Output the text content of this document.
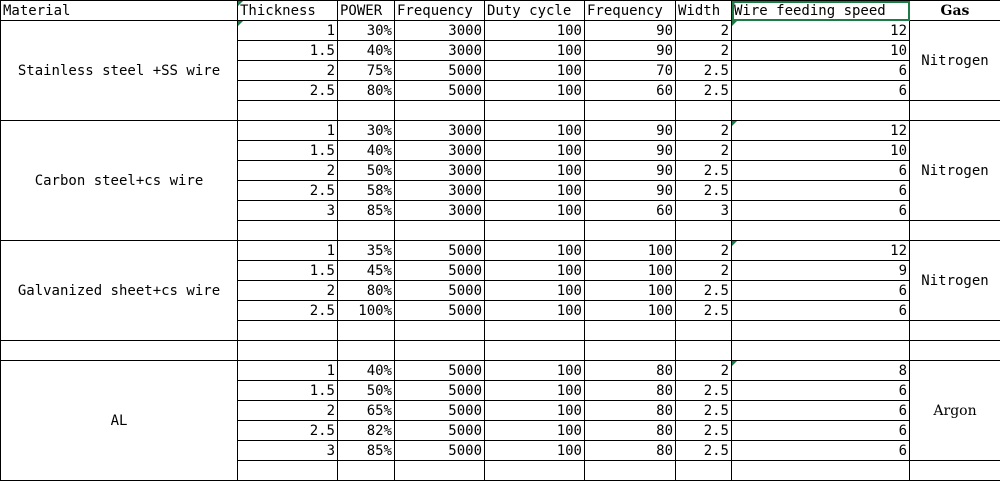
Material	Thickness	POWER	Frequency	Duty cycle	Frequency	Width	Wire feeding speed	Gas
Stainless steel +SS wire	1	30%	3000	100	90	2	12	Nitrogen
	1.5	40%	3000	100	90	2	10	
	2	75%	5000	100	70	2.5	6	
	2.5	80%	5000	100	60	2.5	6	

Carbon steel+cs wire	1	30%	3000	100	90	2	12	Nitrogen
	1.5	40%	3000	100	90	2	10	
	2	50%	3000	100	90	2.5	6	
	2.5	58%	3000	100	90	2.5	6	
	3	85%	3000	100	60	3	6	

Galvanized sheet+cs wire	1	35%	5000	100	100	2	12	Nitrogen
	1.5	45%	5000	100	100	2	9	
	2	80%	5000	100	100	2.5	6	
	2.5	100%	5000	100	100	2.5	6	

AL	1	40%	5000	100	80	2	8	Argon
	1.5	50%	5000	100	80	2.5	6	
	2	65%	5000	100	80	2.5	6	
	2.5	82%	5000	100	80	2.5	6	
	3	85%	5000	100	80	2.5	6	
